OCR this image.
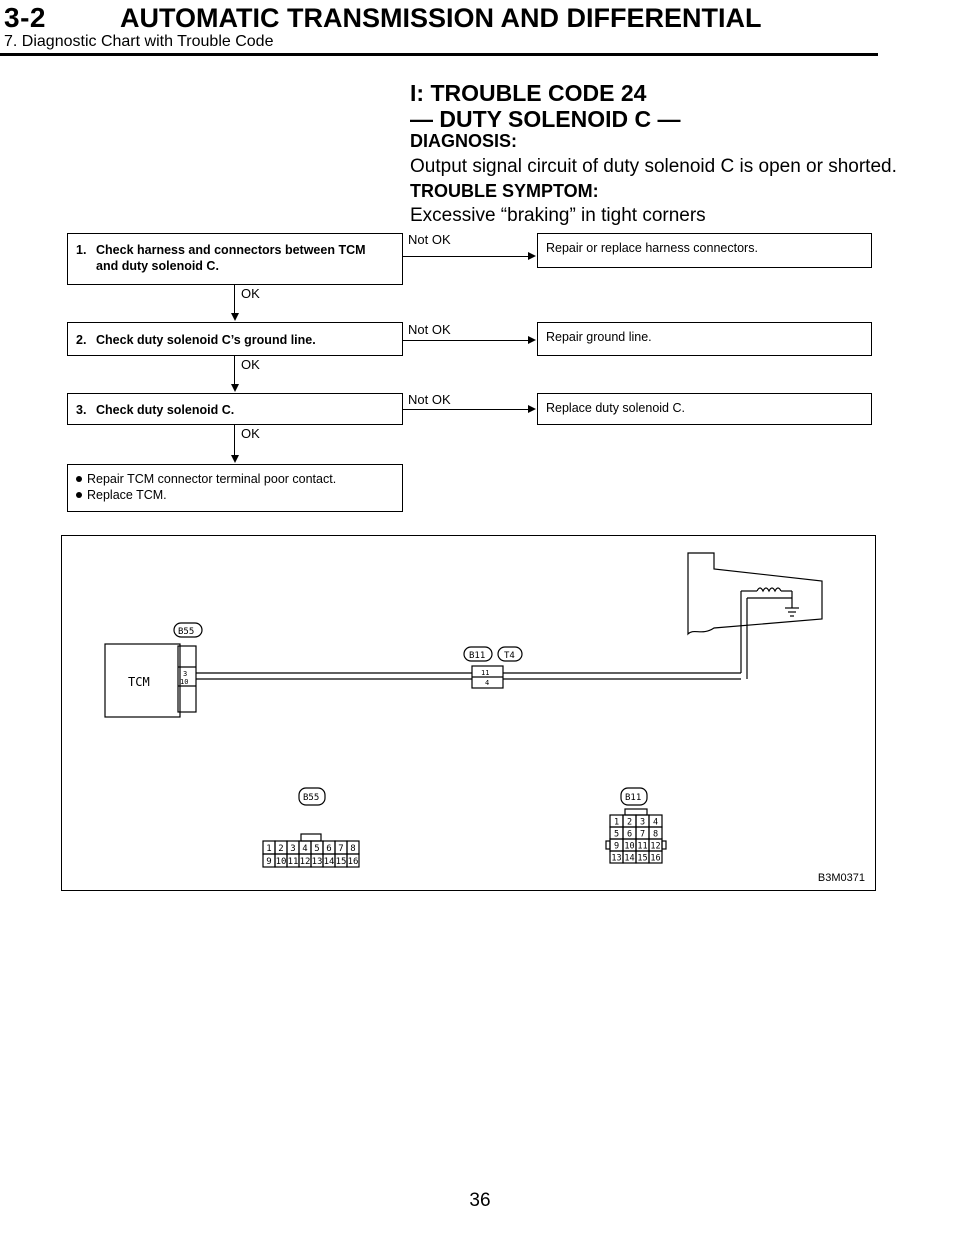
3-2	AUTOMATIC TRANSMISSION AND DIFFERENTIAL
7. Diagnostic Chart with Trouble Code
I: TROUBLE CODE 24
— DUTY SOLENOID C —
DIAGNOSIS:
Output signal circuit of duty solenoid C is open or shorted.
TROUBLE SYMPTOM:
Excessive “braking” in tight corners
1. Check harness and connectors between TCM
and duty solenoid C.
Not OK
Repair or replace harness connectors.
OK
2. Check duty solenoid C’s ground line.
Not OK	Repair ground line.
OK
3. Check duty solenoid C.
Not OK
Replace duty solenoid C.
OK
Repair TCM connector terminal poor contact.
Replace TCM.
TCM
3
10
B55
11
4
B11 T4
B55
1 2 3 4 5 6 7 8
9 10 11 12 13 14 15 16
B11
1 2 3 4
5 6 7 8
9 10 11 12
13 14 15 16
B3M0371
36
